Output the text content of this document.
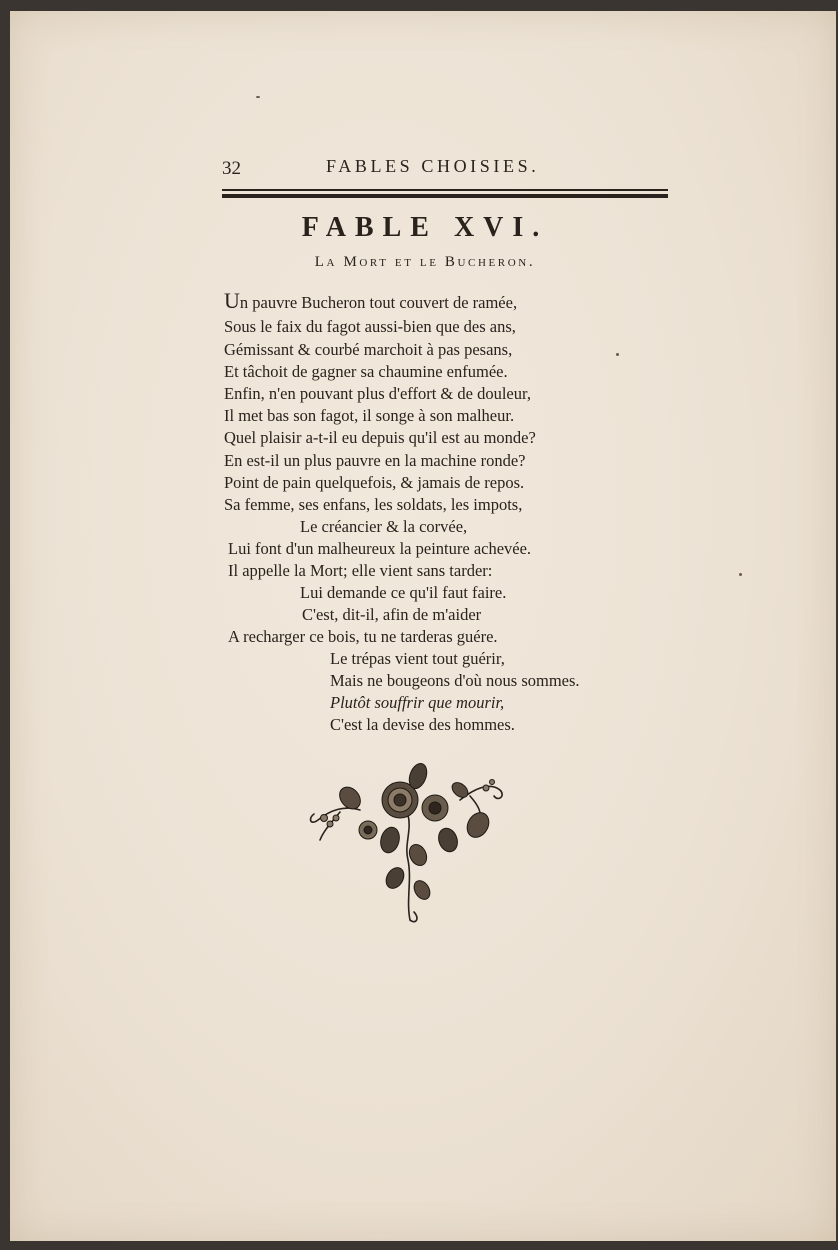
32	FABLES CHOISIES.
FABLE XVI.
La Mort et le Bucheron.
Un pauvre Bucheron tout couvert de ramée,
Sous le faix du fagot aussi-bien que des ans,
Gémissant & courbé marchoit à pas pesans,
Et tâchoit de gagner sa chaumine enfumée.
Enfin, n'en pouvant plus d'effort & de douleur,
Il met bas son fagot, il songe à son malheur.
Quel plaisir a-t-il eu depuis qu'il est au monde?
En est-il un plus pauvre en la machine ronde?
Point de pain quelquefois, & jamais de repos.
Sa femme, ses enfans, les soldats, les impots,
Le créancier & la corvée,
Lui font d'un malheureux la peinture achevée.
Il appelle la Mort; elle vient sans tarder:
Lui demande ce qu'il faut faire.
C'est, dit-il, afin de m'aider
A recharger ce bois, tu ne tarderas guére.
Le trépas vient tout guérir,
Mais ne bougeons d'où nous sommes.
Plutôt souffrir que mourir,
C'est la devise des hommes.
